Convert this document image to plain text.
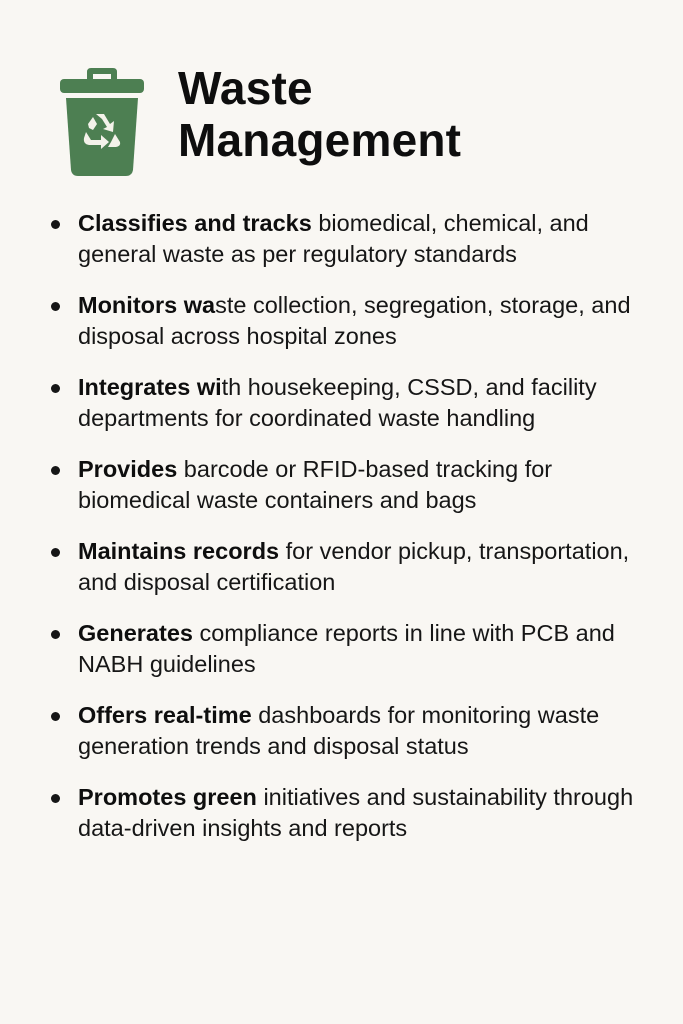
Waste
Management
Classifies and tracks biomedical, chemical, and general waste as per regulatory standards
Monitors waste collection, segregation, storage, and disposal across hospital zones
Integrates with housekeeping, CSSD, and facility departments for coordinated waste handling
Provides barcode or RFID-based tracking for biomedical waste containers and bags
Maintains records for vendor pickup, transportation, and disposal certification
Generates compliance reports in line with PCB and NABH guidelines
Offers real-time dashboards for monitoring waste generation trends and disposal status
Promotes green initiatives and sustainability through data-driven insights and reports
